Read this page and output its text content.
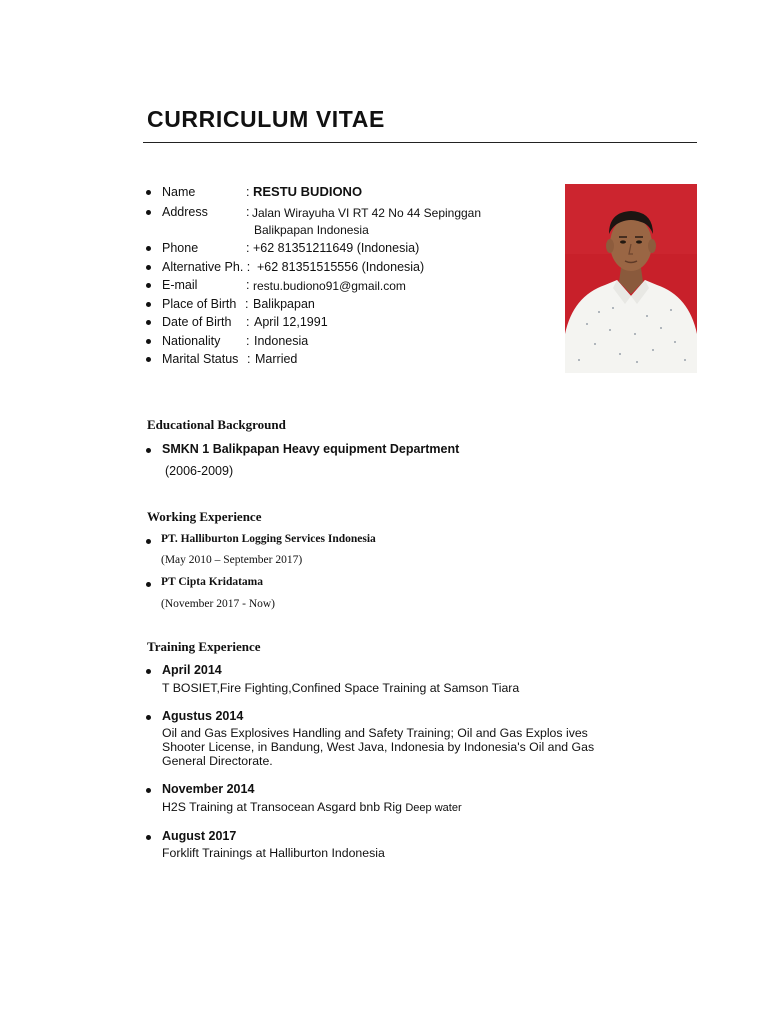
CURRICULUM VITAE
Name	: RESTU BUDIONO
Address	: Jalan Wirayuha VI RT 42 No 44 Sepinggan
Balikpapan Indonesia
Phone	: +62 81351211649 (Indonesia)
Alternative Ph. : +62 81351515556 (Indonesia)
E-mail	: restu.budiono91@gmail.com
Place of Birth : Balikpapan
Date of Birth : April 12,1991
Nationality : Indonesia
Marital Status : Married
Educational Background
SMKN 1 Balikpapan Heavy equipment Department
(2006-2009)
Working Experience
PT. Halliburton Logging Services Indonesia
(May 2010 – September 2017)
PT Cipta Kridatama
(November 2017 - Now)
Training Experience
April 2014
T BOSIET,Fire Fighting,Confined Space Training at Samson Tiara
Agustus 2014
Oil and Gas Explosives Handling and Safety Training; Oil and Gas Explos ives
Shooter License, in Bandung, West Java, Indonesia by Indonesia's Oil and Gas
General Directorate.
November 2014
H2S Training at Transocean Asgard bnb Rig Deep water
August 2017
Forklift Trainings at Halliburton Indonesia
